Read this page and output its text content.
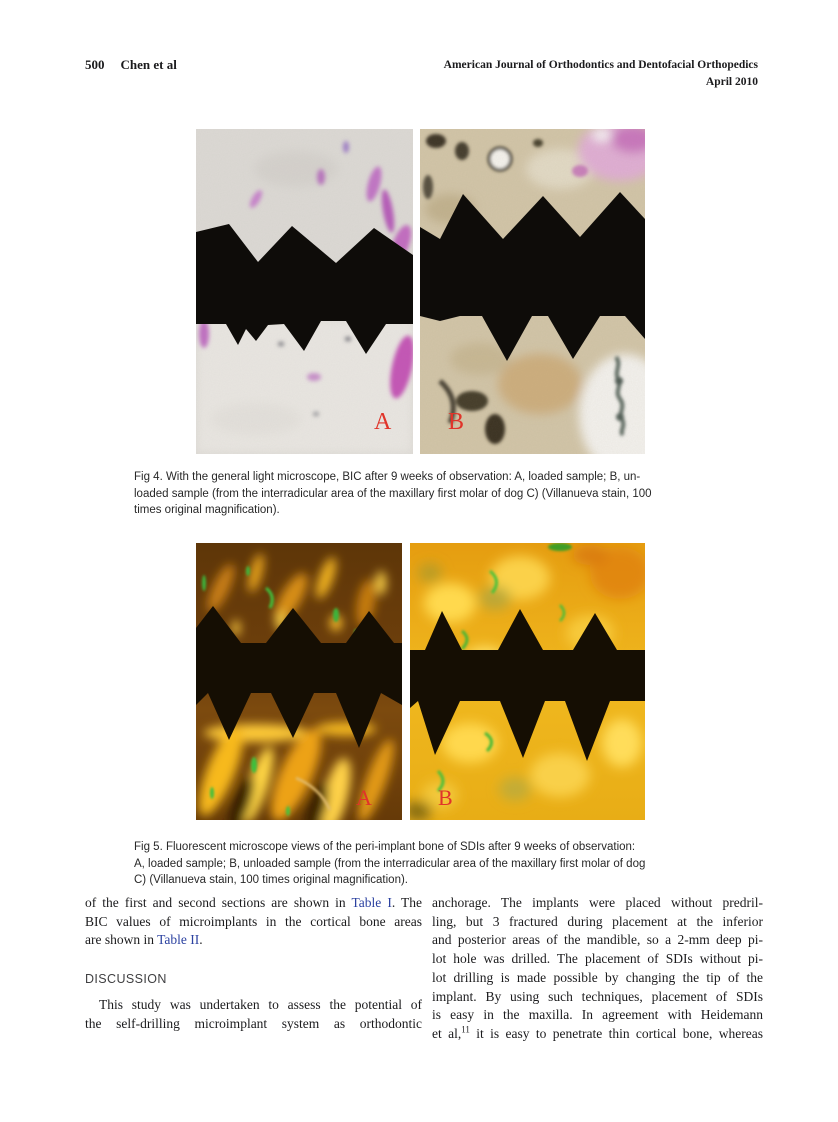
500 Chen et al	American Journal of Orthodontics and Dentofacial Orthopedics
April 2010
A B
Fig 4. With the general light microscope, BIC after 9 weeks of observation: A, loaded sample; B, un-
loaded sample (from the interradicular area of the maxillary first molar of dog C) (Villanueva stain, 100
times original magnification).
A	B
Fig 5. Fluorescent microscope views of the peri-implant bone of SDIs after 9 weeks of observation:
A, loaded sample; B, unloaded sample (from the interradicular area of the maxillary first molar of dog
C) (Villanueva stain, 100 times original magnification).
of the first and second sections are shown in Table I. The
BIC values of microimplants in the cortical bone areas
are shown in Table II.
DISCUSSION
This study was undertaken to assess the potential of
the self-drilling microimplant system as orthodontic
anchorage. The implants were placed without predril-
ling, but 3 fractured during placement at the inferior
and posterior areas of the mandible, so a 2-mm deep pi-
lot hole was drilled. The placement of SDIs without pi-
lot drilling is made possible by changing the tip of the
implant. By using such techniques, placement of SDIs
is easy in the maxilla. In agreement with Heidemann
et al,$^{11}$ it is easy to penetrate thin cortical bone, whereas
